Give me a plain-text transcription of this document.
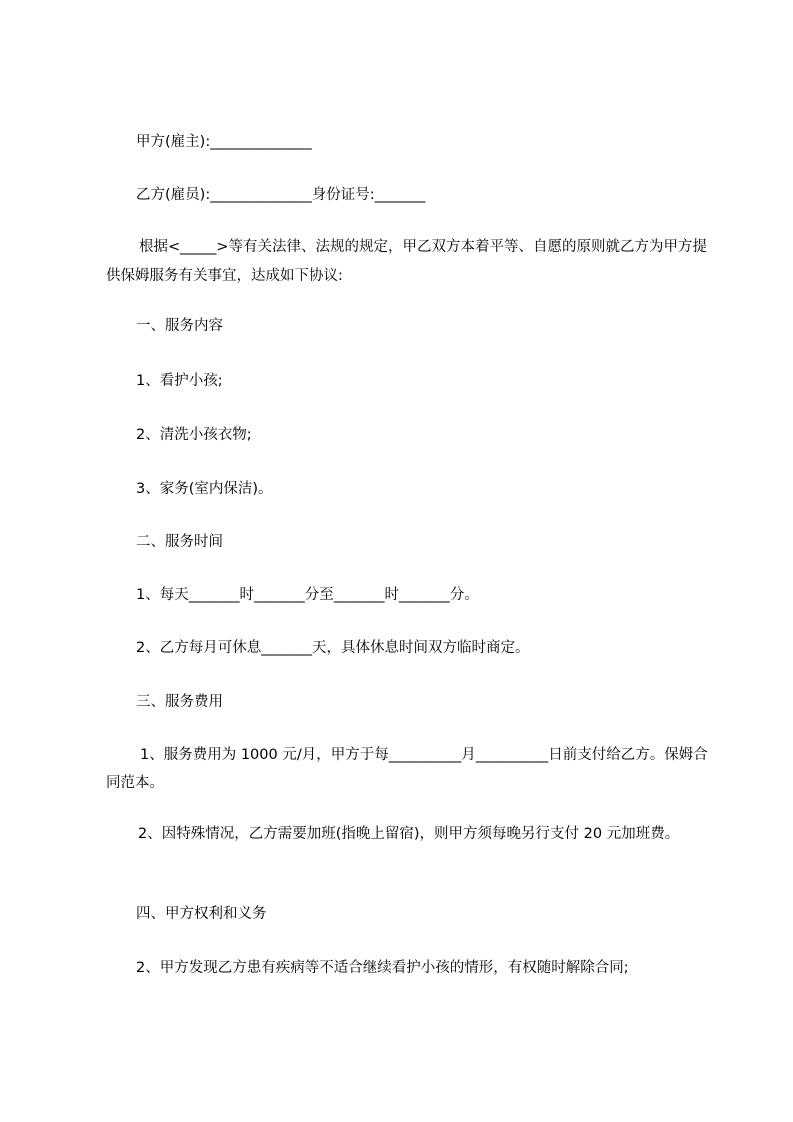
甲方(雇主):______________
乙方(雇员):______________身份证号:_______
根据<_____>等有关法律、法规的规定，甲乙双方本着平等、自愿的原则就乙方为甲方提供保姆服务有关事宜，达成如下协议:
一、服务内容
1、看护小孩;
2、清洗小孩衣物;
3、家务(室内保洁)。
二、服务时间
1、每天_______时_______分至_______时_______分。
2、乙方每月可休息_______天，具体休息时间双方临时商定。
三、服务费用
1、服务费用为 1000 元/月，甲方于每__________月__________日前支付给乙方。保姆合同范本。
2、因特殊情况，乙方需要加班(指晚上留宿)，则甲方须每晚另行支付 20 元加班费。
四、甲方权利和义务
2、甲方发现乙方患有疾病等不适合继续看护小孩的情形，有权随时解除合同;
